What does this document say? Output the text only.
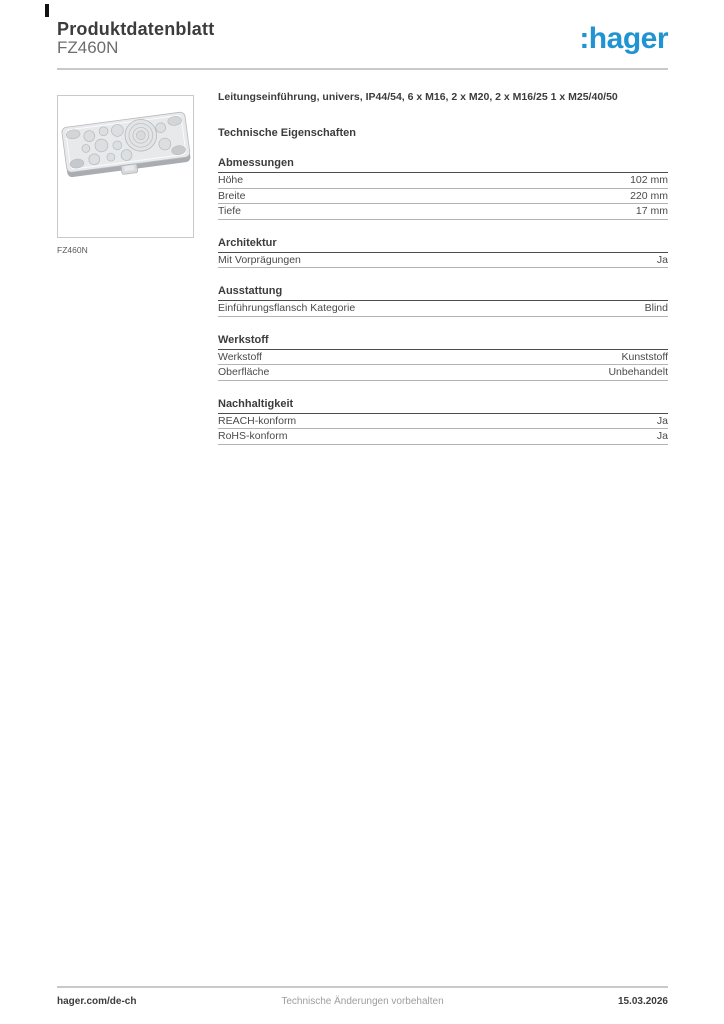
Produktdatenblatt
FZ460N	:hager
FZ460N

Leitungseinführung, univers, IP44/54, 6 x M16, 2 x M20, 2 x M16/25 1 x M25/40/50

Technische Eigenschaften
Abmessungen
Höhe	102 mm
Breite	220 mm
Tiefe	17 mm
Architektur
Mit Vorprägungen	Ja
Ausstattung
Einführungsflansch Kategorie	Blind
Werkstoff
Werkstoff	Kunststoff
Oberfläche	Unbehandelt
Nachhaltigkeit
REACH-konform	Ja
RoHS-konform	Ja
hager.com/de-ch	Technische Änderungen vorbehalten	15.03.2026
